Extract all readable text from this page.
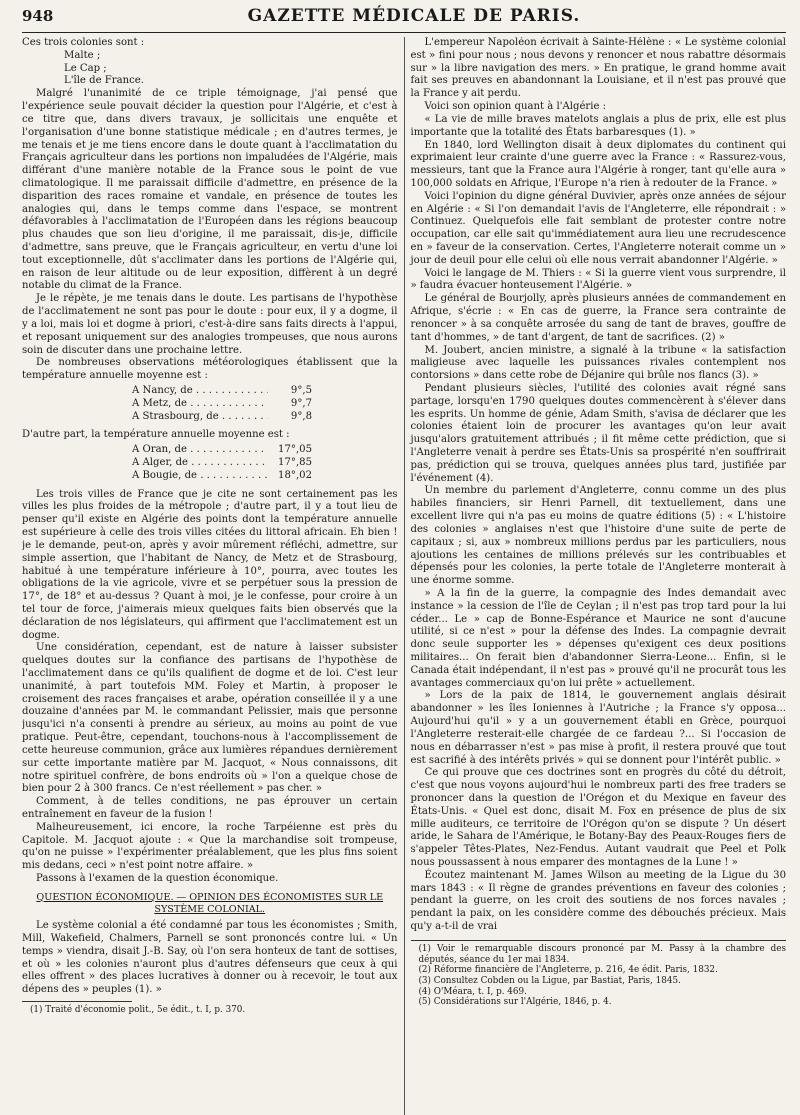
948	GAZETTE MÉDICALE DE PARIS.

Ces trois colonies sont :

Malte ;

Le Cap ;

L'île de France.

Malgré l'unanimité de ce triple témoignage, j'ai pensé que l'expérience seule pouvait décider la question pour l'Algérie, et c'est à ce titre que, dans divers travaux, je sollicitais une enquête et l'organisation d'une bonne statistique médicale ; en d'autres termes, je me tenais et je me tiens encore dans le doute quant à l'acclimatation du Français agriculteur dans les portions non impaludées de l'Algérie, mais différant d'une manière notable de la France sous le point de vue climatologique. Il me paraissait difficile d'admettre, en présence de la disparition des races romaine et vandale, en présence de toutes les analogies qui, dans le temps comme dans l'espace, se montrent défavorables à l'acclimatation de l'Européen dans les régions beaucoup plus chaudes que son lieu d'origine, il me paraissait, dis-je, difficile d'admettre, sans preuve, que le Français agriculteur, en vertu d'une loi tout exceptionnelle, dût s'acclimater dans les portions de l'Algérie qui, en raison de leur altitude ou de leur exposition, diffèrent à un degré notable du climat de la France.

Je le répète, je me tenais dans le doute. Les partisans de l'hypothèse de l'acclimatement ne sont pas pour le doute : pour eux, il y a dogme, il y a loi, mais loi et dogme à priori, c'est-à-dire sans faits directs à l'appui, et reposant uniquement sur des analogies trompeuses, que nous aurons soin de discuter dans une prochaine lettre.

De nombreuses observations météorologiques établissent que la température annuelle moyenne est :

A Nancy, de . . .	9°,5
A Metz, de . . .	9°,7
A Strasbourg, de . . .	9°,8

D'autre part, la température annuelle moyenne est :

A Oran, de . . .	17°,05
A Alger, de . . .	17°,85
A Bougie, de . . .	18°,02

Les trois villes de France que je cite ne sont certainement pas les villes les plus froides de la métropole ; d'autre part, il y a tout lieu de penser qu'il existe en Algérie des points dont la température annuelle est supérieure à celle des trois villes citées du littoral africain. Eh bien ! je le demande, peut-on, après y avoir mûrement réfléchi, admettre, sur simple assertion, que l'habitant de Nancy, de Metz et de Strasbourg, habitué à une température inférieure à 10°, pourra, avec toutes les obligations de la vie agricole, vivre et se perpétuer sous la pression de 17°, de 18° et au-dessus ? Quant à moi, je le confesse, pour croire à un tel tour de force, j'aimerais mieux quelques faits bien observés que la déclaration de nos législateurs, qui affirment que l'acclimatement est un dogme.

Une considération, cependant, est de nature à laisser subsister quelques doutes sur la confiance des partisans de l'hypothèse de l'acclimatement dans ce qu'ils qualifient de dogme et de loi. C'est leur unanimité, à part toutefois MM. Foley et Martin, à proposer le croisement des races françaises et arabe, opération conseillée il y a une douzaine d'années par M. le commandant Pelissier, mais que personne jusqu'ici n'a consenti à prendre au sérieux, au moins au point de vue pratique. Peut-être, cependant, touchons-nous à l'accomplissement de cette heureuse communion, grâce aux lumières répandues dernièrement sur cette importante matière par M. Jacquot, « Nous connaissons, dit notre spirituel confrère, de bons endroits où » l'on a quelque chose de bien pour 2 à 300 francs. Ce n'est réellement » pas cher. »

Comment, à de telles conditions, ne pas éprouver un certain entraînement en faveur de la fusion !

Malheureusement, ici encore, la roche Tarpéienne est près du Capitole. M. Jacquot ajoute : « Que la marchandise soit trompeuse, qu'on ne puisse » l'expérimenter préalablement, que les plus fins soient mis dedans, ceci » n'est point notre affaire. »

Passons à l'examen de la question économique.

QUESTION ÉCONOMIQUE. — OPINION DES ÉCONOMISTES SUR LE SYSTÈME COLONIAL.

Le système colonial a été condamné par tous les économistes ; Smith, Mill, Wakefield, Chalmers, Parnell se sont prononcés contre lui. « Un temps » viendra, disait J.-B. Say, où l'on sera honteux de tant de sottises, et où » les colonies n'auront plus d'autres défenseurs que ceux à qui elles offrent » des places lucratives à donner ou à recevoir, le tout aux dépens des » peuples (1). »

(1) Traité d'économie polit., 5e édit., t. I, p. 370.

L'empereur Napoléon écrivait à Sainte-Hélène : « Le système colonial est » fini pour nous ; nous devons y renoncer et nous rabattre désormais sur » la libre navigation des mers. » En pratique, le grand homme avait fait ses preuves en abandonnant la Louisiane, et il n'est pas prouvé que la France y ait perdu.

Voici son opinion quant à l'Algérie :

« La vie de mille braves matelots anglais a plus de prix, elle est plus importante que la totalité des États barbaresques (1). »

En 1840, lord Wellington disait à deux diplomates du continent qui exprimaient leur crainte d'une guerre avec la France : « Rassurez-vous, messieurs, tant que la France aura l'Algérie à ronger, tant qu'elle aura » 100,000 soldats en Afrique, l'Europe n'a rien à redouter de la France. »

Voici l'opinion du digne général Duvivier, après onze années de séjour en Algérie : « Si l'on demandait l'avis de l'Angleterre, elle répondrait : » Continuez. Quelquefois elle fait semblant de protester contre notre occupation, car elle sait qu'immédiatement aura lieu une recrudescence en » faveur de la conservation. Certes, l'Angleterre noterait comme un » jour de deuil pour elle celui où elle nous verrait abandonner l'Algérie. »

Voici le langage de M. Thiers : « Si la guerre vient vous surprendre, il » faudra évacuer honteusement l'Algérie. »

Le général de Bourjolly, après plusieurs années de commandement en Afrique, s'écrie : « En cas de guerre, la France sera contrainte de renoncer » à sa conquête arrosée du sang de tant de braves, gouffre de tant d'hommes, » de tant d'argent, de tant de sacrifices. (2) »

M. Joubert, ancien ministre, a signalé à la tribune « la satisfaction maligieuse avec laquelle les puissances rivales contemplent nos contorsions » dans cette robe de Déjanire qui brûle nos flancs (3). »

Pendant plusieurs siècles, l'utilité des colonies avait régné sans partage, lorsqu'en 1790 quelques doutes commencèrent à s'élever dans les esprits. Un homme de génie, Adam Smith, s'avisa de déclarer que les colonies étaient loin de procurer les avantages qu'on leur avait jusqu'alors gratuitement attribués ; il fit même cette prédiction, que si l'Angleterre venait à perdre ses États-Unis sa prospérité n'en souffrirait pas, prédiction qui se trouva, quelques années plus tard, justifiée par l'événement (4).

Un membre du parlement d'Angleterre, connu comme un des plus habiles financiers, sir Henri Parnell, dit textuellement, dans une excellent livre qui n'a pas eu moins de quatre éditions (5) : « L'histoire des colonies » anglaises n'est que l'histoire d'une suite de perte de capitaux ; si, aux » nombreux millions perdus par les particuliers, nous ajoutions les centaines de millions prélevés sur les contribuables et dépensés pour les colonies, la perte totale de l'Angleterre monterait à une énorme somme.

» A la fin de la guerre, la compagnie des Indes demandait avec instance » la cession de l'île de Ceylan ; il n'est pas trop tard pour la lui céder... Le » cap de Bonne-Espérance et Maurice ne sont d'aucune utilité, si ce n'est » pour la défense des Indes. La compagnie devrait donc seule supporter les » dépenses qu'exigent ces deux positions militaires... On ferait bien d'abandonner Sierra-Leone... Enfin, si le Canada était indépendant, il n'est pas » prouvé qu'il ne procurât tous les avantages commerciaux qu'on lui prête » actuellement.

» Lors de la paix de 1814, le gouvernement anglais désirait abandonner » les îles Ioniennes à l'Autriche ; la France s'y opposa... Aujourd'hui qu'il » y a un gouvernement établi en Grèce, pourquoi l'Angleterre resterait-elle chargée de ce fardeau ?... Si l'occasion de nous en débarrasser n'est » pas mise à profit, il restera prouvé que tout est sacrifié à des intérêts privés » qui se donnent pour l'intérêt public. »

Ce qui prouve que ces doctrines sont en progrès du côté du détroit, c'est que nous voyons aujourd'hui le nombreux parti des free traders se prononcer dans la question de l'Orégon et du Mexique en faveur des États-Unis. « Quel est donc, disait M. Fox en présence de plus de six mille auditeurs, ce territoire de l'Orégon qu'on se dispute ? Un désert aride, le Sahara de l'Amérique, le Botany-Bay des Peaux-Rouges fiers de s'appeler Têtes-Plates, Nez-Fendus. Autant vaudrait que Peel et Polk nous poussassent à nous emparer des montagnes de la Lune ! »

Écoutez maintenant M. James Wilson au meeting de la Ligue du 30 mars 1843 : « Il règne de grandes préventions en faveur des colonies ; pendant la guerre, on les croit des soutiens de nos forces navales ; pendant la paix, on les considère comme des débouchés précieux. Mais qu'y a-t-il de vrai

(1) Voir le remarquable discours prononcé par M. Passy à la chambre des députés, séance du 1er mai 1834.

(2) Réforme financière de l'Angleterre, p. 216, 4e édit. Paris, 1832.

(3) Consultez Cobden ou la Ligue, par Bastiat, Paris, 1845.

(4) O'Méara, t. I, p. 469.

(5) Considérations sur l'Algérie, 1846, p. 4.
